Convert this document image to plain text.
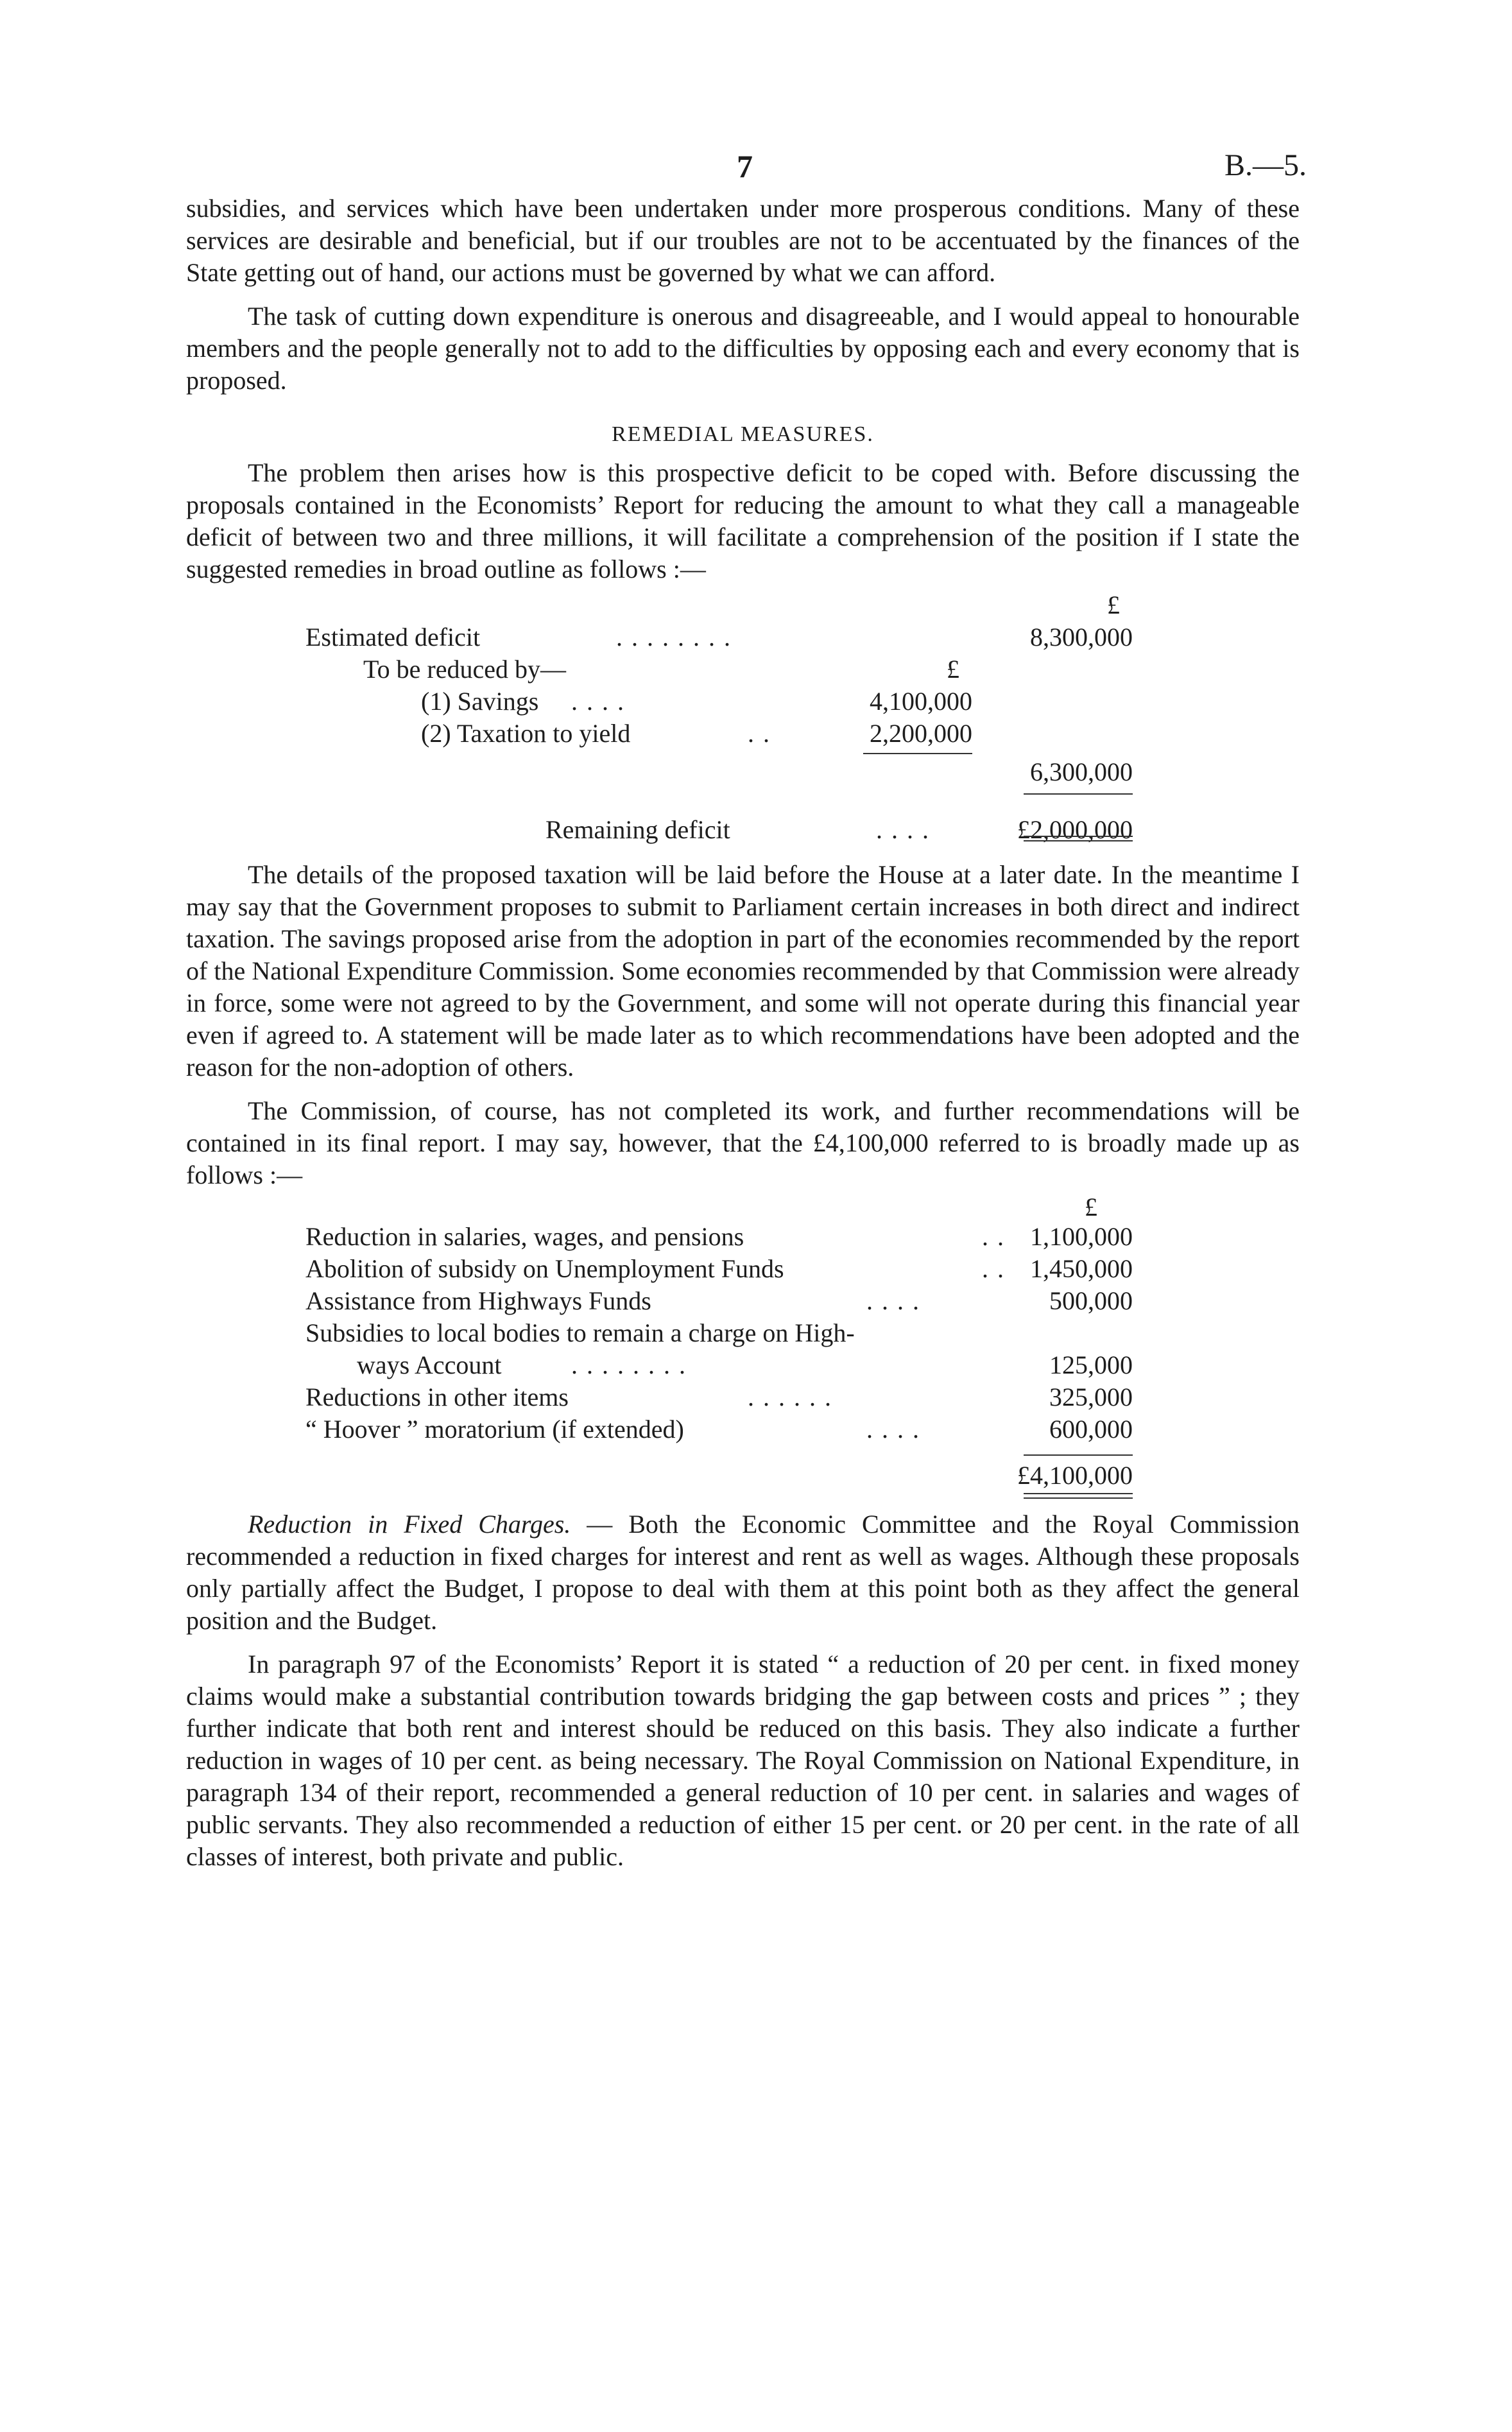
7	B.—5.

subsidies, and services which have been undertaken under more prosperous conditions. Many of these services are desirable and beneficial, but if our troubles are not to be accentuated by the finances of the State getting out of hand, our actions must be governed by what we can afford.

The task of cutting down expenditure is onerous and disagreeable, and I would appeal to honourable members and the people generally not to add to the difficulties by opposing each and every economy that is proposed.

REMEDIAL MEASURES.

The problem then arises how is this prospective deficit to be coped with. Before discussing the proposals contained in the Economists’ Report for reducing the amount to what they call a manageable deficit of between two and three millions, it will facilitate a comprehension of the position if I state the suggested remedies in broad outline as follows :—

£
Estimated deficit	. . . . . . . .	8,300,000
To be reduced by—	£
(1) Savings . . . .	4,100,000
(2) Taxation to yield	. .	2,200,000
6,300,000
Remaining deficit	. . . .	£2,000,000

The details of the proposed taxation will be laid before the House at a later date. In the meantime I may say that the Government proposes to submit to Parliament certain increases in both direct and indirect taxation. The savings proposed arise from the adoption in part of the economies recommended by the report of the National Expenditure Commission. Some economies recommended by that Commission were already in force, some were not agreed to by the Government, and some will not operate during this financial year even if agreed to. A statement will be made later as to which recommendations have been adopted and the reason for the non-adoption of others.

The Commission, of course, has not completed its work, and further recommendations will be contained in its final report. I may say, however, that the £4,100,000 referred to is broadly made up as follows :—

£
Reduction in salaries, wages, and pensions	. . 1,100,000
Abolition of subsidy on Unemployment Funds	. . 1,450,000
Assistance from Highways Funds	. . . .	500,000
Subsidies to local bodies to remain a charge on High-
ways Account	. . . . . . . .	125,000
Reductions in other items	. . . . . .	325,000
“ Hoover ” moratorium (if extended)	. . . .	600,000
£4,100,000

Reduction in Fixed Charges. — Both the Economic Committee and the Royal Commission recommended a reduction in fixed charges for interest and rent as well as wages. Although these proposals only partially affect the Budget, I propose to deal with them at this point both as they affect the general position and the Budget.

In paragraph 97 of the Economists’ Report it is stated “ a reduction of 20 per cent. in fixed money claims would make a substantial contribution towards bridging the gap between costs and prices ” ; they further indicate that both rent and interest should be reduced on this basis. They also indicate a further reduction in wages of 10 per cent. as being necessary. The Royal Commission on National Expenditure, in paragraph 134 of their report, recommended a general reduction of 10 per cent. in salaries and wages of public servants. They also recommended a reduction of either 15 per cent. or 20 per cent. in the rate of all classes of interest, both private and public.
